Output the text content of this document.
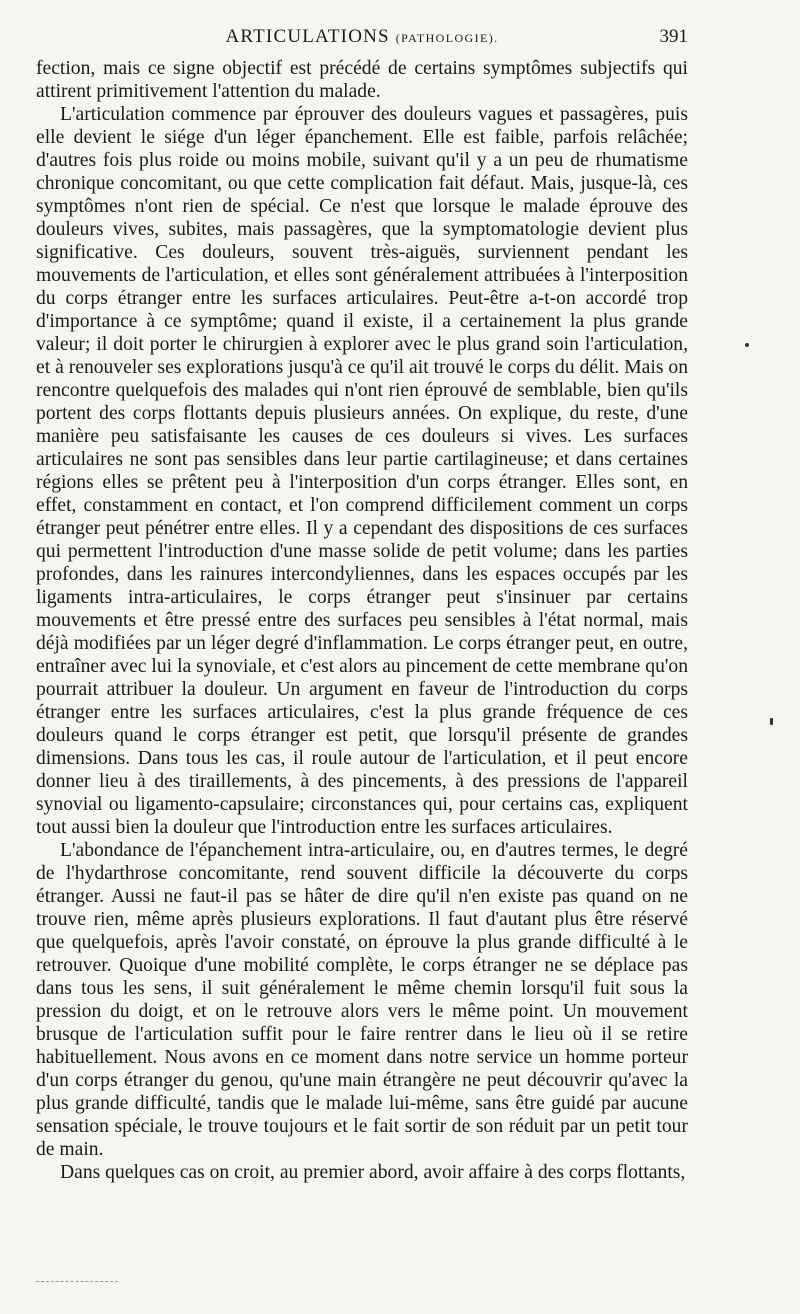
ARTICULATIONS (PATHOLOGIE).	391

fection, mais ce signe objectif est précédé de certains symptômes subjectifs qui attirent primitivement l'attention du malade.

L'articulation commence par éprouver des douleurs vagues et passagères, puis elle devient le siége d'un léger épanchement. Elle est faible, parfois relâchée; d'autres fois plus roide ou moins mobile, suivant qu'il y a un peu de rhumatisme chronique concomitant, ou que cette complication fait défaut. Mais, jusque-là, ces symptômes n'ont rien de spécial. Ce n'est que lorsque le malade éprouve des douleurs vives, subites, mais passagères, que la symptomatologie devient plus significative. Ces douleurs, souvent très-aiguës, surviennent pendant les mouvements de l'articulation, et elles sont généralement attribuées à l'interposition du corps étranger entre les surfaces articulaires. Peut-être a-t-on accordé trop d'importance à ce symptôme; quand il existe, il a certainement la plus grande valeur; il doit porter le chirurgien à explorer avec le plus grand soin l'articulation, et à renouveler ses explorations jusqu'à ce qu'il ait trouvé le corps du délit. Mais on rencontre quelquefois des malades qui n'ont rien éprouvé de semblable, bien qu'ils portent des corps flottants depuis plusieurs années. On explique, du reste, d'une manière peu satisfaisante les causes de ces douleurs si vives. Les surfaces articulaires ne sont pas sensibles dans leur partie cartilagineuse; et dans certaines régions elles se prêtent peu à l'interposition d'un corps étranger. Elles sont, en effet, constamment en contact, et l'on comprend difficilement comment un corps étranger peut pénétrer entre elles. Il y a cependant des dispositions de ces surfaces qui permettent l'introduction d'une masse solide de petit volume; dans les parties profondes, dans les rainures intercondyliennes, dans les espaces occupés par les ligaments intra-articulaires, le corps étranger peut s'insinuer par certains mouvements et être pressé entre des surfaces peu sensibles à l'état normal, mais déjà modifiées par un léger degré d'inflammation. Le corps étranger peut, en outre, entraîner avec lui la synoviale, et c'est alors au pincement de cette membrane qu'on pourrait attribuer la douleur. Un argument en faveur de l'introduction du corps étranger entre les surfaces articulaires, c'est la plus grande fréquence de ces douleurs quand le corps étranger est petit, que lorsqu'il présente de grandes dimensions. Dans tous les cas, il roule autour de l'articulation, et il peut encore donner lieu à des tiraillements, à des pincements, à des pressions de l'appareil synovial ou ligamento-capsulaire; circonstances qui, pour certains cas, expliquent tout aussi bien la douleur que l'introduction entre les surfaces articulaires.

L'abondance de l'épanchement intra-articulaire, ou, en d'autres termes, le degré de l'hydarthrose concomitante, rend souvent difficile la découverte du corps étranger. Aussi ne faut-il pas se hâter de dire qu'il n'en existe pas quand on ne trouve rien, même après plusieurs explorations. Il faut d'autant plus être réservé que quelquefois, après l'avoir constaté, on éprouve la plus grande difficulté à le retrouver. Quoique d'une mobilité complète, le corps étranger ne se déplace pas dans tous les sens, il suit généralement le même chemin lorsqu'il fuit sous la pression du doigt, et on le retrouve alors vers le même point. Un mouvement brusque de l'articulation suffit pour le faire rentrer dans le lieu où il se retire habituellement. Nous avons en ce moment dans notre service un homme porteur d'un corps étranger du genou, qu'une main étrangère ne peut découvrir qu'avec la plus grande difficulté, tandis que le malade lui-même, sans être guidé par aucune sensation spéciale, le trouve toujours et le fait sortir de son réduit par un petit tour de main.

Dans quelques cas on croit, au premier abord, avoir affaire à des corps flottants,
